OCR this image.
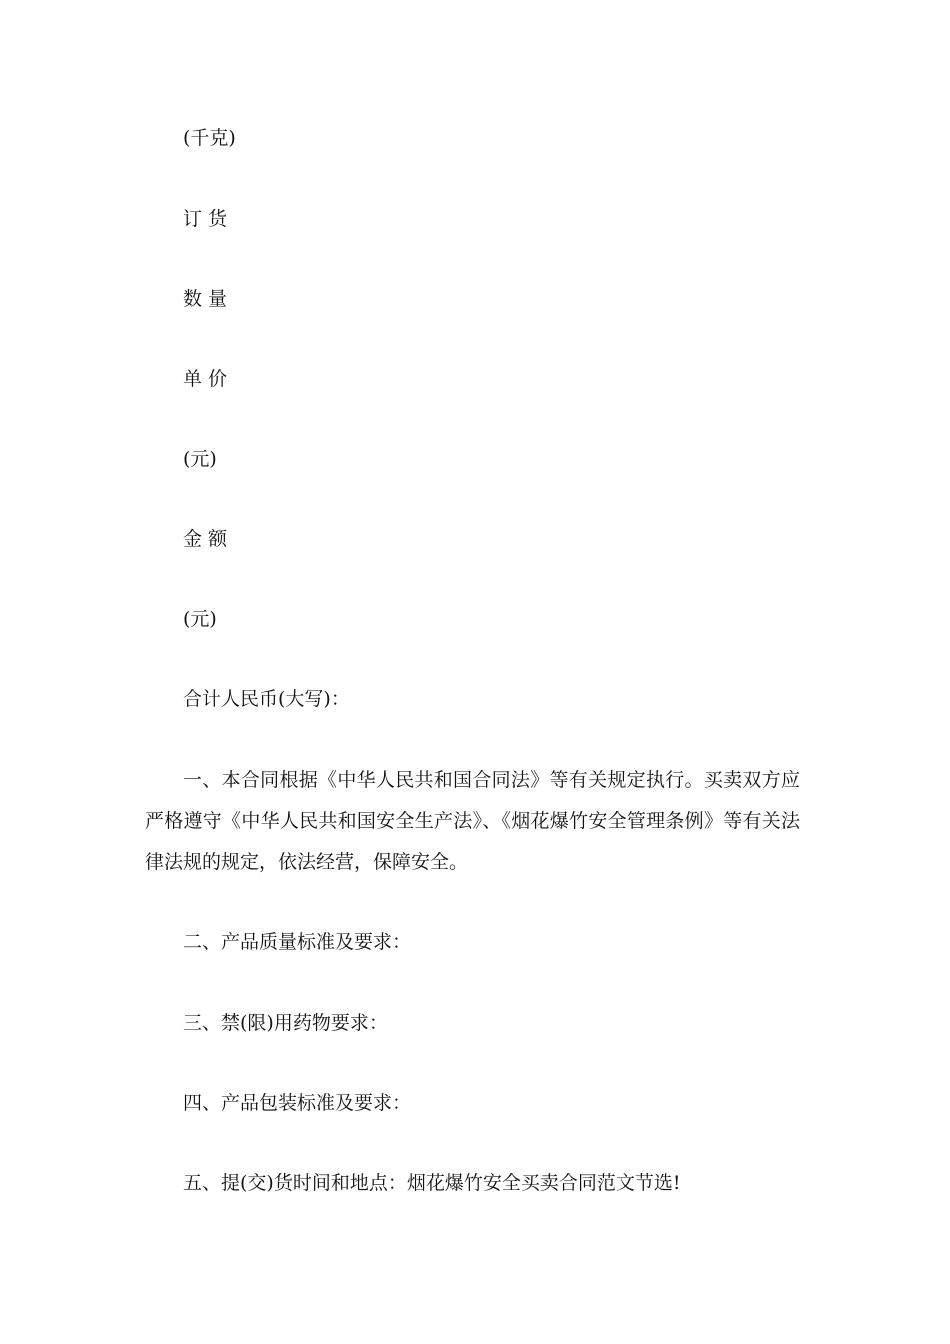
(千克)
订 货
数 量
单 价
(元)
金 额
(元)
合计人民币(大写)：
一、本合同根据《中华人民共和国合同法》等有关规定执行。买卖双方应严格遵守《中华人民共和国安全生产法》、《烟花爆竹安全管理条例》等有关法律法规的规定，依法经营，保障安全。
二、产品质量标准及要求：
三、禁(限)用药物要求：
四、产品包装标准及要求：
五、提(交)货时间和地点：烟花爆竹安全买卖合同范文节选!
